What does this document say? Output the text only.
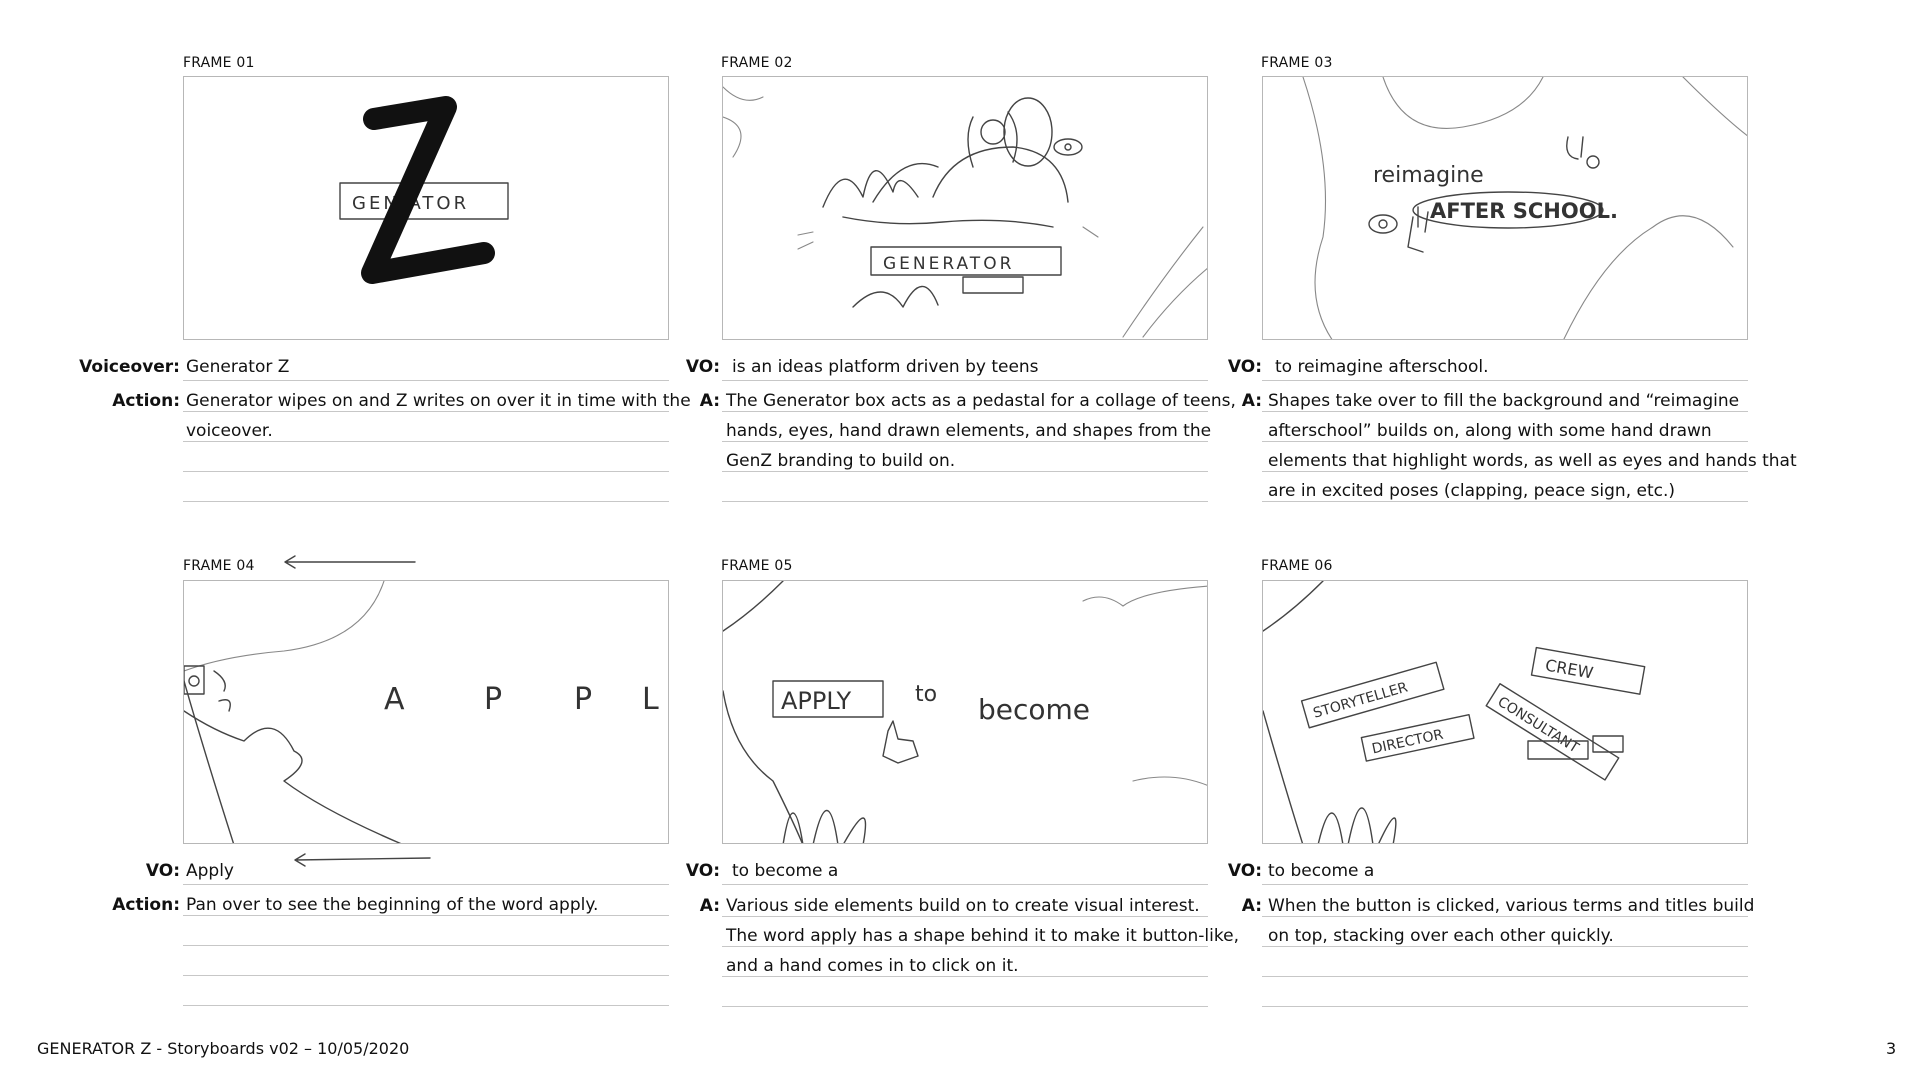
FRAME 01
GEN ATOR
Voiceover: Generator Z
Action: Generator wipes on and Z writes on over it in time with the
voiceover.
FRAME 02
GENERATOR
VO: is an ideas platform driven by teens
A: The Generator box acts as a pedastal for a collage of teens,
hands, eyes, hand drawn elements, and shapes from the
GenZ branding to build on.
FRAME 03
reimagine
AFTER SCHOOL.
VO: to reimagine afterschool.
A: Shapes take over to fill the background and “reimagine
afterschool” builds on, along with some hand drawn
elements that highlight words, as well as eyes and hands that
are in excited poses (clapping, peace sign, etc.)
FRAME 04
A	P P L
VO: Apply
Action: Pan over to see the beginning of the word apply.
FRAME 05
APPLY	to become
VO: to become a
A: Various side elements build on to create visual interest.
The word apply has a shape behind it to make it button-like,
and a hand comes in to click on it.
FRAME 06
STORYTELLER	CONSULTANT
DIRECTOR
CREW
VO: to become a
A: When the button is clicked, various terms and titles build
on top, stacking over each other quickly.
GENERATOR Z - Storyboards v02 – 10/05/2020	3
